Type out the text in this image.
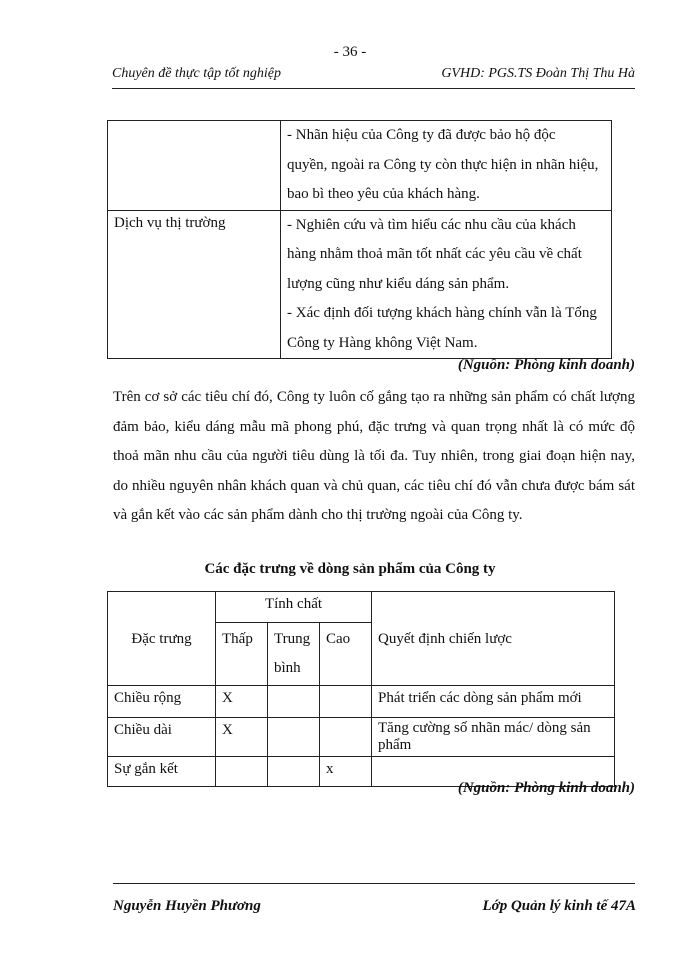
- 36 -
Chuyên đề thực tập tốt nghiệp	GVHD: PGS.TS Đoàn Thị Thu Hà

	- Nhãn hiệu của Công ty đã được bảo hộ độc
quyền, ngoài ra Công ty còn thực hiện in nhãn hiệu,
bao bì theo yêu của khách hàng.

Dịch vụ thị trường	- Nghiên cứu và tìm hiểu các nhu cầu của khách
hàng nhằm thoả mãn tốt nhất các yêu cầu về chất
lượng cũng như kiểu dáng sản phẩm.
- Xác định đối tượng khách hàng chính vẫn là Tổng
Công ty Hàng không Việt Nam.
(Nguồn: Phòng kinh doanh)

Trên cơ sở các tiêu chí đó, Công ty luôn cố gắng tạo ra những sản phẩm có chất lượng đảm bảo, kiểu dáng mẫu mã phong phú, đặc trưng và quan trọng nhất là có mức độ thoả mãn nhu cầu của người tiêu dùng là tối đa. Tuy nhiên, trong giai đoạn hiện nay, do nhiều nguyên nhân khách quan và chủ quan, các tiêu chí đó vẫn chưa được bám sát và gắn kết vào các sản phẩm dành cho thị trường ngoài của Công ty.

Các đặc trưng về dòng sản phẩm của Công ty
Đặc trưng	Tính chất			Quyết định chiến lược
	Thấp	Trung bình	Cao	
Chiều rộng	X			Phát triển các dòng sản phẩm mới
Chiều dài	X			Tăng cường số nhãn mác/ dòng sản phẩm
Sự gắn kết			x	
(Nguồn: Phòng kinh doanh)
Nguyễn Huyền Phương	Lớp Quản lý kinh tế 47A
